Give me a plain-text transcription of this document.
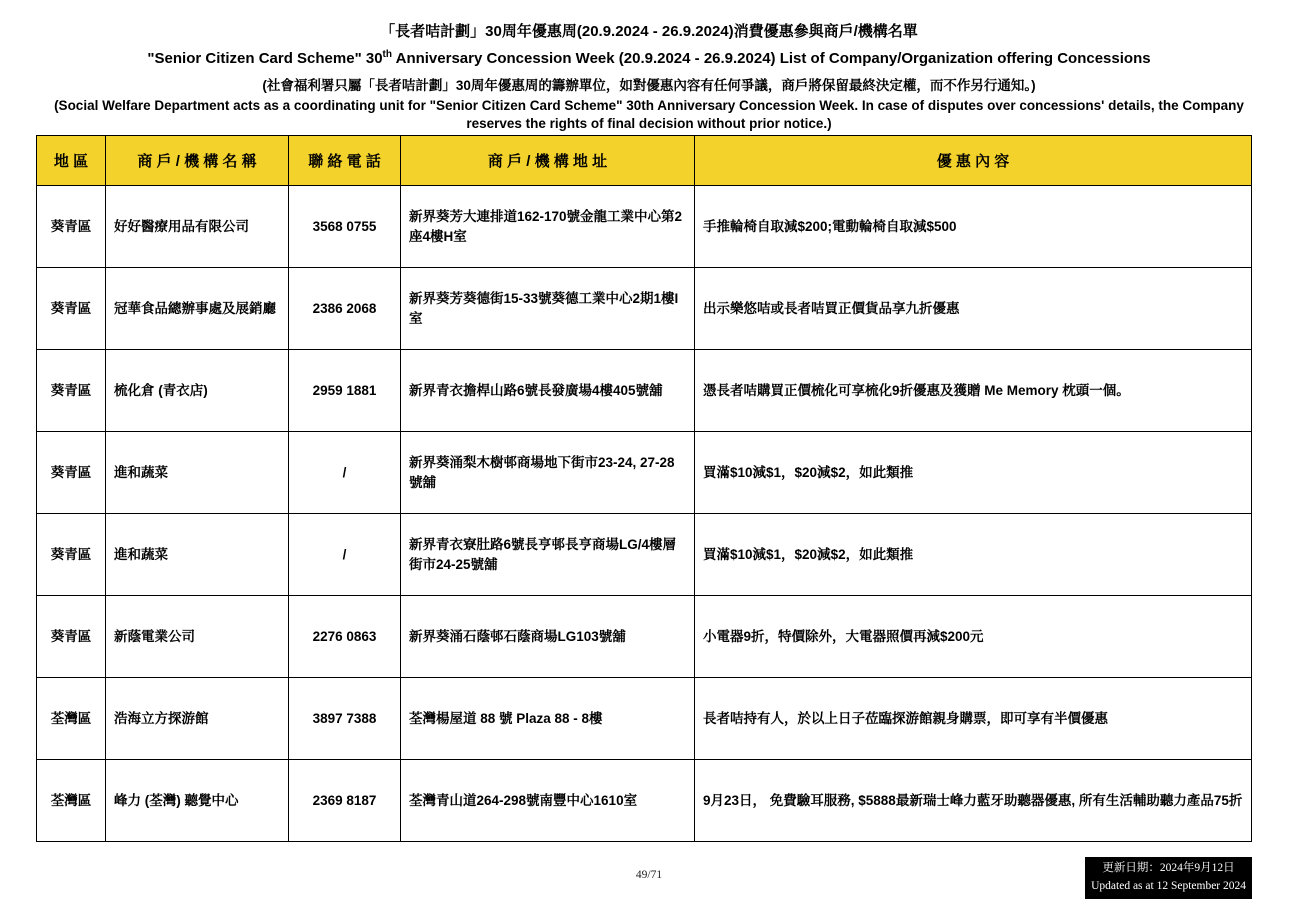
「長者咭計劃」30周年優惠周(20.9.2024 - 26.9.2024)消費優惠參與商戶/機構名單
"Senior Citizen Card Scheme" 30th Anniversary Concession Week (20.9.2024 - 26.9.2024) List of Company/Organization offering Concessions
(社會福利署只屬「長者咭計劃」30周年優惠周的籌辦單位，如對優惠內容有任何爭議，商戶將保留最終決定權，而不作另行通知。)
(Social Welfare Department acts as a coordinating unit for "Senior Citizen Card Scheme" 30th Anniversary Concession Week. In case of disputes over concessions' details, the Company reserves the rights of final decision without prior notice.)
地 區	商 戶 / 機 構 名 稱	聯 絡 電 話	商 戶 / 機 構 地 址	優 惠 內 容
葵青區	好好醫療用品有限公司	3568 0755	新界葵芳大連排道162-170號金龍工業中心第2座4樓H室	手推輪椅自取減$200;電動輪椅自取減$500
葵青區	冠華食品總辦事處及展銷廳	2386 2068	新界葵芳葵德街15-33號葵德工業中心2期1樓I室	出示樂悠咭或長者咭買正價貨品享九折優惠
葵青區	梳化倉 (青衣店)	2959 1881	新界青衣擔桿山路6號長發廣場4樓405號舖	憑長者咭購買正價梳化可享梳化9折優惠及獲贈 Me Memory 枕頭一個。
葵青區	進和蔬菜	/	新界葵涌梨木樹邨商場地下街市23-24, 27-28號舖	買滿$10減$1，$20減$2，如此類推
葵青區	進和蔬菜	/	新界青衣寮肚路6號長亨邨長亨商場LG/4樓層街市24-25號舖	買滿$10減$1，$20減$2，如此類推
葵青區	新蔭電業公司	2276 0863	新界葵涌石蔭邨石蔭商場LG103號舖	小電器9折，特價除外，大電器照價再減$200元
荃灣區	浩海立方探游館	3897 7388	荃灣楊屋道 88 號 Plaza 88 - 8樓	長者咭持有人，於以上日子莅臨探游館親身購票，即可享有半價優惠
荃灣區	峰力 (荃灣) 聽覺中心	2369 8187	荃灣青山道264-298號南豐中心1610室	9月23日， 免費驗耳服務, $5888最新瑞士峰力藍牙助聽器優惠, 所有生活輔助聽力產品75折
49/71
更新日期：2024年9月12日
Updated as at 12 September 2024
